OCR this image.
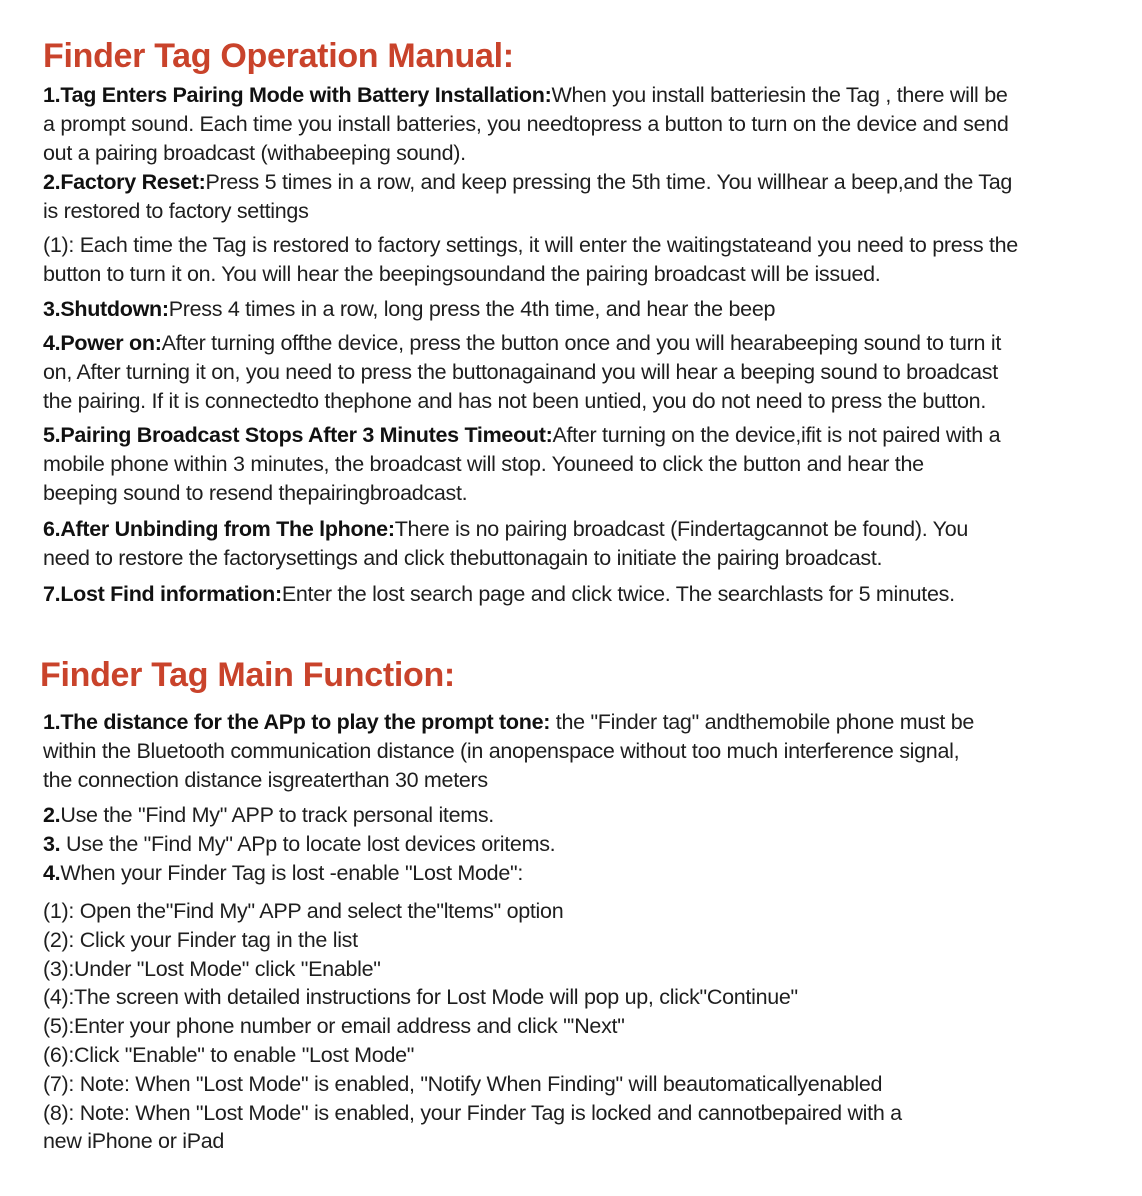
Finder Tag Operation Manual:

1.Tag Enters Pairing Mode with Battery Installation:When you install batteriesin the Tag , there will be
a prompt sound. Each time you install batteries, you needtopress a button to turn on the device and send
out a pairing broadcast (withabeeping sound).

2.Factory Reset:Press 5 times in a row, and keep pressing the 5th time. You willhear a beep,and the Tag
is restored to factory settings

(1): Each time the Tag is restored to factory settings, it will enter the waitingstateand you need to press the
button to turn it on. You will hear the beepingsoundand the pairing broadcast will be issued.

3.Shutdown:Press 4 times in a row, long press the 4th time, and hear the beep

4.Power on:After turning offthe device, press the button once and you will hearabeeping sound to turn it
on, After turning it on, you need to press the buttonagainand you will hear a beeping sound to broadcast
the pairing. If it is connectedto thephone and has not been untied, you do not need to press the button.

5.Pairing Broadcast Stops After 3 Minutes Timeout:After turning on the device,ifit is not paired with a
mobile phone within 3 minutes, the broadcast will stop. Youneed to click the button and hear the
beeping sound to resend thepairingbroadcast.

6.After Unbinding from The lphone:There is no pairing broadcast (Findertagcannot be found). You
need to restore the factorysettings and click thebuttonagain to initiate the pairing broadcast.

7.Lost Find information:Enter the lost search page and click twice. The searchlasts for 5 minutes.

Finder Tag Main Function:

1.The distance for the APp to play the prompt tone: the "Finder tag" andthemobile phone must be
within the Bluetooth communication distance (in anopenspace without too much interference signal,
the connection distance isgreaterthan 30 meters

2.Use the "Find My" APP to track personal items.
3. Use the "Find My" APp to locate lost devices oritems.
4.When your Finder Tag is lost -enable "Lost Mode":

(1): Open the"Find My" APP and select the"ltems" option
(2): Click your Finder tag in the list
(3):Under "Lost Mode" click "Enable"
(4):The screen with detailed instructions for Lost Mode will pop up, click"Continue"
(5):Enter your phone number or email address and click "'Next"
(6):Click "Enable" to enable "Lost Mode"
(7): Note: When "Lost Mode" is enabled, "Notify When Finding" will beautomaticallyenabled
(8): Note: When "Lost Mode" is enabled, your Finder Tag is locked and cannotbepaired with a
new iPhone or iPad
